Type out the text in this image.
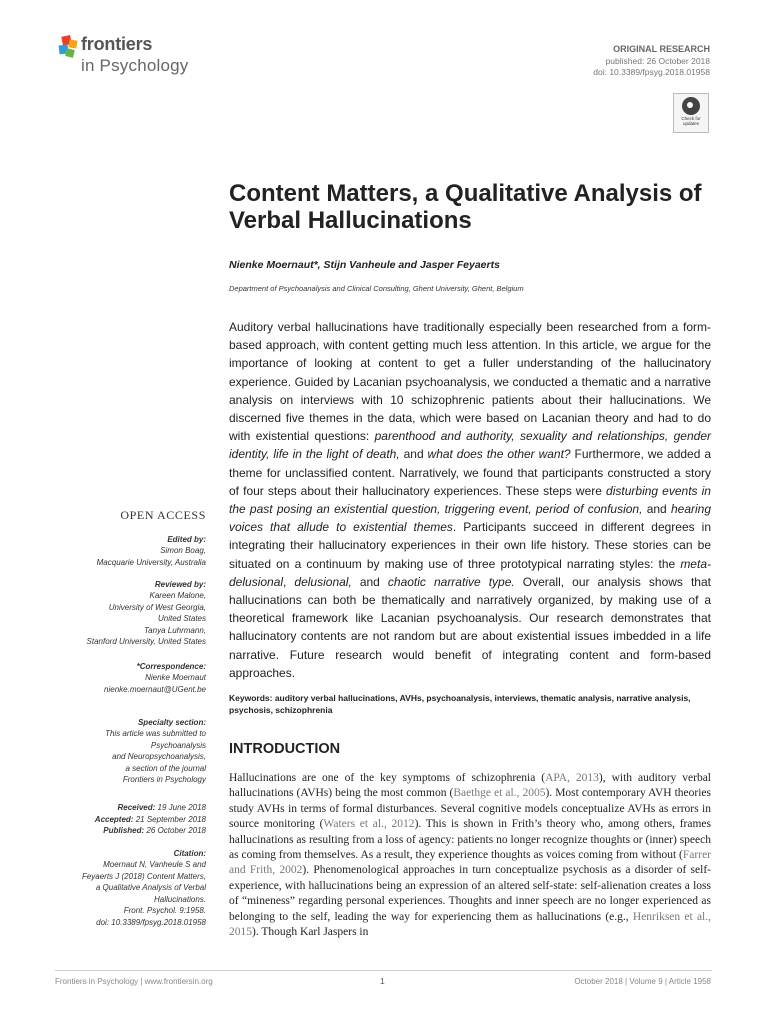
frontiers
in Psychology
ORIGINAL RESEARCH
published: 26 October 2018
doi: 10.3389/fpsyg.2018.01958
Check for
updates
Content Matters, a Qualitative Analysis of Verbal Hallucinations
Nienke Moernaut*, Stijn Vanheule and Jasper Feyaerts
Department of Psychoanalysis and Clinical Consulting, Ghent University, Ghent, Belgium
Auditory verbal hallucinations have traditionally especially been researched from a form-based approach, with content getting much less attention. In this article, we argue for the importance of looking at content to get a fuller understanding of the hallucinatory experience. Guided by Lacanian psychoanalysis, we conducted a thematic and a narrative analysis on interviews with 10 schizophrenic patients about their hallucinations. We discerned five themes in the data, which were based on Lacanian theory and had to do with existential questions: parenthood and authority, sexuality and relationships, gender identity, life in the light of death, and what does the other want? Furthermore, we added a theme for unclassified content. Narratively, we found that participants constructed a story of four steps about their hallucinatory experiences. These steps were disturbing events in the past posing an existential question, triggering event, period of confusion, and hearing voices that allude to existential themes. Participants succeed in different degrees in integrating their hallucinatory experiences in their own life history. These stories can be situated on a continuum by making use of three prototypical narrating styles: the meta-delusional, delusional, and chaotic narrative type. Overall, our analysis shows that hallucinations can both be thematically and narratively organized, by making use of a theoretical framework like Lacanian psychoanalysis. Our research demonstrates that hallucinatory contents are not random but are about existential issues imbedded in a life narrative. Future research would benefit of integrating content and form-based approaches.
Keywords: auditory verbal hallucinations, AVHs, psychoanalysis, interviews, thematic analysis, narrative analysis, psychosis, schizophrenia
INTRODUCTION
Hallucinations are one of the key symptoms of schizophrenia (APA, 2013), with auditory verbal hallucinations (AVHs) being the most common (Baethge et al., 2005). Most contemporary AVH theories study AVHs in terms of formal disturbances. Several cognitive models conceptualize AVHs as errors in source monitoring (Waters et al., 2012). This is shown in Frith’s theory who, among others, frames hallucinations as resulting from a loss of agency: patients no longer recognize thoughts or (inner) speech as coming from themselves. As a result, they experience thoughts as voices coming from without (Farrer and Frith, 2002). Phenomenological approaches in turn conceptualize psychosis as a disorder of self-experience, with hallucinations being an expression of an altered self-state: self-alienation creates a loss of “mineness” regarding personal experiences. Thoughts and inner speech are no longer experienced as belonging to the self, leading the way for experiencing them as hallucinations (e.g., Henriksen et al., 2015). Though Karl Jaspers in
OPEN ACCESS
Edited by:
Simon Boag,
Macquarie University, Australia
Reviewed by:
Kareen Malone,
University of West Georgia,
United States
Tanya Luhrmann,
Stanford University, United States
*Correspondence:
Nienke Moernaut
nienke.moernaut@UGent.be
Specialty section:
This article was submitted to
Psychoanalysis
and Neuropsychoanalysis,
a section of the journal
Frontiers in Psychology
Received: 19 June 2018
Accepted: 21 September 2018
Published: 26 October 2018
Citation:
Moernaut N, Vanheule S and
Feyaerts J (2018) Content Matters,
a Qualitative Analysis of Verbal
Hallucinations.
Front. Psychol. 9:1958.
doi: 10.3389/fpsyg.2018.01958
Frontiers in Psychology | www.frontiersin.org	1	October 2018 | Volume 9 | Article 1958
